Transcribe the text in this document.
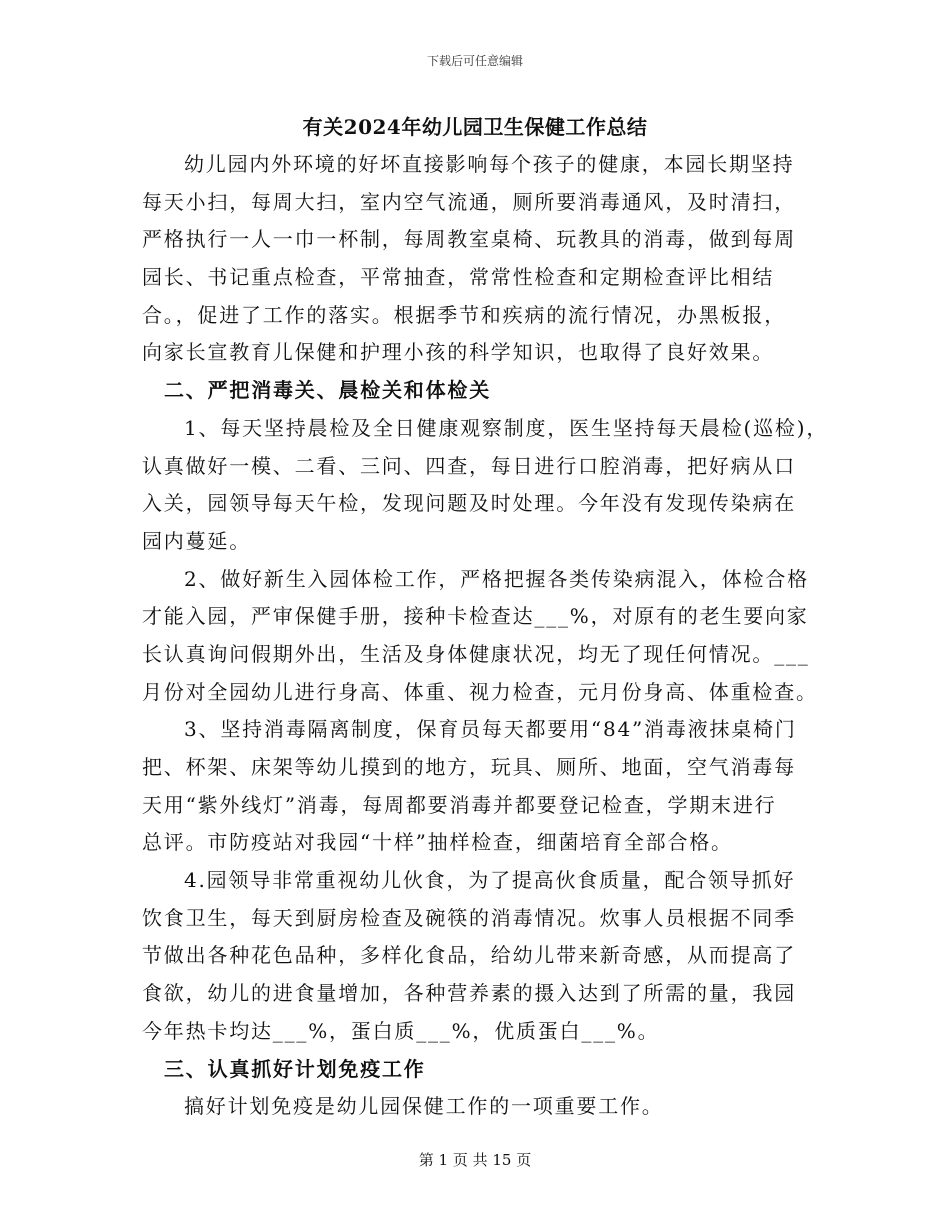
下载后可任意编辑
有关2024年幼儿园卫生保健工作总结
幼儿园内外环境的好坏直接影响每个孩子的健康，本园长期坚持
每天小扫，每周大扫，室内空气流通，厕所要消毒通风，及时清扫，
严格执行一人一巾一杯制，每周教室桌椅、玩教具的消毒，做到每周
园长、书记重点检查，平常抽查，常常性检查和定期检查评比相结
合。，促进了工作的落实。根据季节和疾病的流行情况，办黑板报，
向家长宣教育儿保健和护理小孩的科学知识，也取得了良好效果。
二、严把消毒关、晨检关和体检关
1、每天坚持晨检及全日健康观察制度，医生坚持每天晨检(巡检)，
认真做好一模、二看、三问、四查，每日进行口腔消毒，把好病从口
入关，园领导每天午检，发现问题及时处理。今年没有发现传染病在
园内蔓延。
2、做好新生入园体检工作，严格把握各类传染病混入，体检合格
才能入园，严审保健手册，接种卡检查达___%，对原有的老生要向家
长认真询问假期外出，生活及身体健康状况，均无了现任何情况。___
月份对全园幼儿进行身高、体重、视力检查，元月份身高、体重检查。
3、坚持消毒隔离制度，保育员每天都要用“84”消毒液抹桌椅门
把、杯架、床架等幼儿摸到的地方，玩具、厕所、地面，空气消毒每
天用“紫外线灯”消毒，每周都要消毒并都要登记检查，学期末进行
总评。市防疫站对我园“十样”抽样检查，细菌培育全部合格。
4.园领导非常重视幼儿伙食，为了提高伙食质量，配合领导抓好
饮食卫生，每天到厨房检查及碗筷的消毒情况。炊事人员根据不同季
节做出各种花色品种，多样化食品，给幼儿带来新奇感，从而提高了
食欲，幼儿的进食量增加，各种营养素的摄入达到了所需的量，我园
今年热卡均达___%，蛋白质___%，优质蛋白___%。
三、认真抓好计划免疫工作
搞好计划免疫是幼儿园保健工作的一项重要工作。
第 1 页 共 15 页
